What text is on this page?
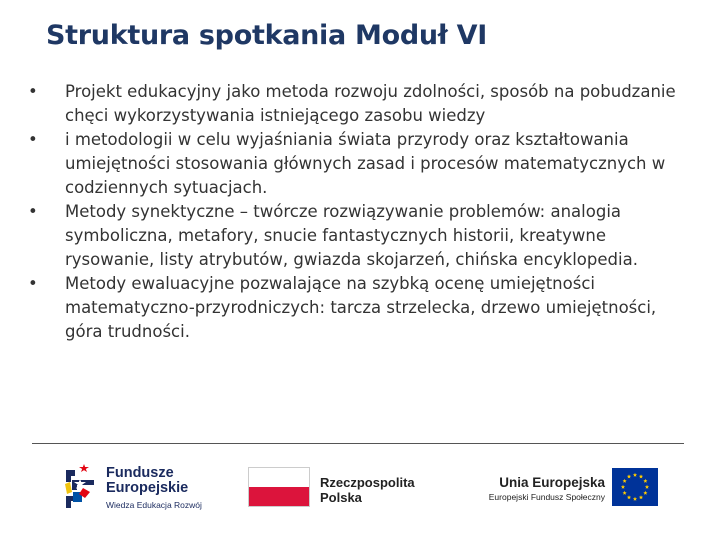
Struktura spotkania Moduł VI
•	Projekt edukacyjny jako metoda rozwoju zdolności, sposób na pobudzanie chęci wykorzystywania istniejącego zasobu wiedzy
•	i metodologii w celu wyjaśniania świata przyrody oraz kształtowania umiejętności stosowania głównych zasad i procesów matematycznych w codziennych sytuacjach.
•	Metody synektyczne – twórcze rozwiązywanie problemów: analogia symboliczna, metafory, snucie fantastycznych historii, kreatywne rysowanie, listy atrybutów, gwiazda skojarzeń, chińska encyklopedia.
•	Metody ewaluacyjne pozwalające na szybką ocenę umiejętności matematyczno-przyrodniczych: tarcza strzelecka, drzewo umiejętności, góra trudności.
Fundusze
Europejskie
Wiedza Edukacja Rozwój
Rzeczpospolita
Polska
Unia Europejska
Europejski Fundusz Społeczny
